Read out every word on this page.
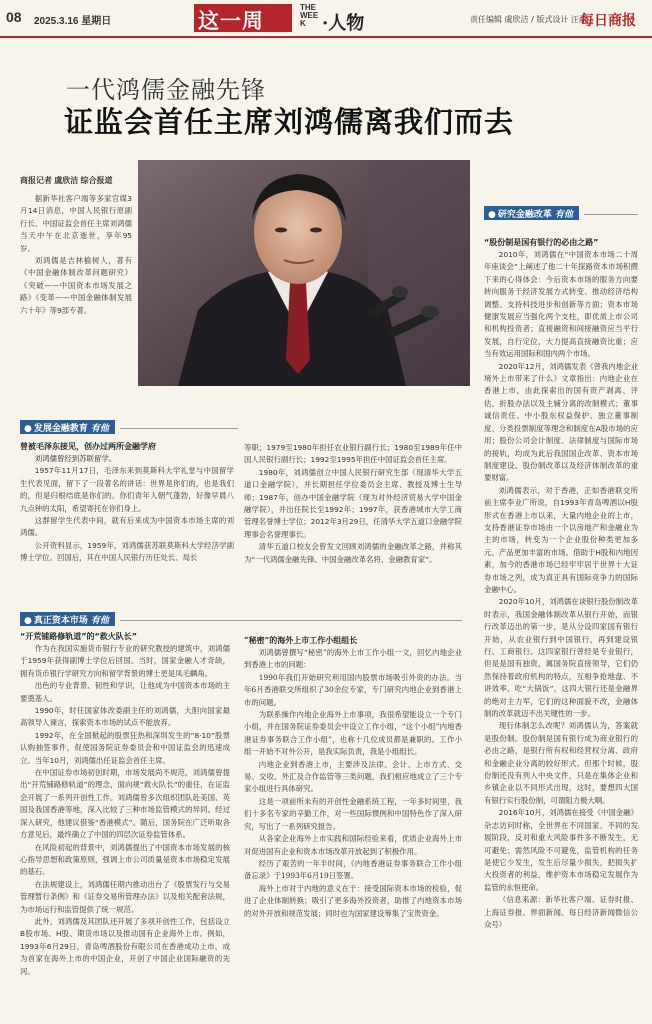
08 2025.3.16 星期日	这一周
THE WEEK ·人物	责任编辑 虞欣洁 / 版式设计 汪丽
每日商报
一代鸿儒金融先锋
证监会首任主席刘鸿儒离我们而去
商报记者 虞欣洁 综合报道

据新华社客户端等多家官媒3月14日消息，中国人民银行原副行长、中国证监会首任主席刘鸿儒当天中午在北京逝世，享年95岁。

刘鸿儒是吉林榆树人，著有《中国金融体制改革问题研究》《突破——中国资本市场发展之路》《变革——中国金融体制发展六十年》等9部专著。

● 发展金融教育 有他
曾被毛泽东接见，创办过两所金融学府
刘鸿儒曾经到苏联留学。

1957年11月17日，毛泽东来到莫斯科大学礼堂与中国留学生代表见面，留下了一段著名的讲话：世界是你们的，也是我们的，但是归根结底是你们的。你们青年人朝气蓬勃，好像早晨八九点钟的太阳，希望寄托在你们身上。

这群留学生代表中间，就有后来成为中国资本市场主席的刘鸿儒。

公开资料显示，1959年，刘鸿儒获苏联莫斯科大学经济学副博士学位。回国后，其在中国人民银行历任处长、局长

等职；1979至1980年担任农业银行副行长；1980至1989年任中国人民银行副行长；1992至1995年担任中国证监会首任主席。

1980年，刘鸿儒创立中国人民银行研究生部（现清华大学五道口金融学院），并长期担任学位委员会主席、教授及博士生导师；1987年，创办中国金融学院（现为对外经济贸易大学中国金融学院），并出任院长至1992年；1997年，获香港城市大学工商管理名誉博士学位；2012年3月29日，任清华大学五道口金融学院理事会名誉理事长。

清华五道口校友会曾发文回顾刘鸿儒的金融改革之路，并称其为“一代鸿儒金融先锋、中国金融改革名将、金融教育家”。

● 真正资本市场 有他
“开荒铺路修轨道”的“救火队长”

作为在我国实施货币银行专业的研究教授的建筑中，刘鸿儒于1959年获得副博士学位后回国。当时，国家金融人才奇缺，拥有货币银行学研究方向和留学背景的博士更是凤毛麟角。

出色的专业背景、韧性和学识，让他成为中国资本市场的主要奠基人。

1990年，时任国家体改委副主任的刘鸿儒，大胆向国家最高领导人谏言，探索资本市场的试点不能放弃。

1992年，在全国掀起的股票狂热和深圳发生的“8·10”股票认购抽签事件，促使国务院证券委员会和中国证监会的迅速成立。当年10月，刘鸿儒出任证监会首任主席。

在中国证券市场初创时期，市场发展尚不规范，刘鸿儒曾提出“开荒铺路修轨道”的理念，面向规“救火队长”的重任，在证监会开展了一系列开创性工作。刘鸿儒曾多次组织团队赴美国、英国及我国香港等地，深入比较了三种市场监管模式的异同。经过深入研究，他建议借鉴“香港模式”。随后，国务院在广泛听取各方意见后，最终确立了中国的四层次证券监管体系。

在风险初起的背景中，刘鸿儒提出了中国资本市场发展的核心指导思想和政策原则，强调上市公司质量是资本市场稳定发展的基石。

在法规建设上，刘鸿儒任期内推动出台了《股票发行与交易管理暂行条例》和《证券交易所管理办法》以及相关配套法规，为市场运行和监管提供了统一规范。

此外，刘鸿儒及其团队还开展了多项开创性工作，包括设立B股市场、H股、期货市场以及推动国有企业海外上市。例如，1993年6月29日，青岛啤酒股份有限公司在香港成功上市，成为首家在海外上市的中国企业，开创了中国企业国际融资的先河。

“秘密”的海外上市工作小组组长

刘鸿儒曾撰写“秘密”的海外上市工作小组一文，回忆内地企业到香港上市的问题：

1990年我们开始研究利用国内股票市场吸引外资的办法。当年6月香港联交所组织了30余位专家，专门研究内地企业到香港上市的问题。

为联系操作内地企业海外上市事项，我很希望能设立一个专门小组，并在国务院证券委员会中设立工作小组，“这个小组”内地香港证券事务联合工作小组”，也称十几位成员都是兼职的。工作小组一开始不对外公开，是我实际负责，我是小组组长。

内地企业到香港上市，主要涉及法律、会计、上市方式、交易、交收、外汇及合作监管等三类问题，我们相应地成立了三个专家小组进行具体研究。

这是一项前所未有的开创性金融系统工程，一年多时间里，我们十多名专家的辛勤工作，对一些国际惯例和中国特色作了深入研究，写出了一系列研究报告。

从各家企业海外上市实践和国际经验来看，优质企业海外上市对促进国有企业和资本市场改革开放起到了积极作用。

经历了艰苦的一年半时间，《内地香港证券事务联合工作小组备忘录》于1993年6月19日签署。

海外上市对于内地的意义在于：接受国际资本市场的检验，促进了企业体制转换；吸引了更多海外投资者，助推了内地资本市场的对外开放和规范发展；同时也为国家建设筹集了宝贵资金。

● 研究金融改革 有他
“股份制是国有银行的必由之路”

2010年，刘鸿儒在“中国资本市场二十周年座谈会”上阐述了他二十年探路资本市场积攒下来的心得体会：今后资本市场的服务方向要转向服务于经济发展方式转变、推动经济结构调整、支持科技进步和创新等方面；资本市场健康发展应当强化两个支柱，即优质上市公司和机构投资者；直接融资和间接融资应当平行发展，自行定位，大力提高直接融资比重；应当有效运用国际和国内两个市场。

2020年12月，刘鸿儒发表《曾我内地企业境外上市带来了什么》文章指出：内地企业在香港上市，由此探索出的国有资产剥离、评估、折股办法以及主辅分离的改制模式；董事诚信责任、中小股东权益保护、独立董事制度、分类投票制度等理念和制度在A股市场的应用；股份公司会计制度、法律制度与国际市场的接轨，均成为此后我国国企改革、资本市场制度建设、股份制改革以及经济体制改革的重要财富。

刘鸿儒表示，对于香港，正如香港联交所前主席李业广所说，自1993年青岛啤酒以H股形式在香港上市以来，大量内地企业的上市，支持香港证券市场由一个以房地产和金融业为主的市场，转变为一个企业股份种类更加多元、产品更加丰富的市场。借助于H股和内地因素，加今的香港市场已经牢牢居于世界十大证券市场之列，成为真正具有国际竞争力的国际金融中心。

2020年10月，刘鸿儒在谈银行股份制改革时表示，我国金融体制改革从银行开始，而银行改革迈出的第一步，是从分设四家国有银行开始，从农业银行到中国银行，再到建设银行、工商银行。这四家银行曾经是专业银行，但是是国有独资，属国务院直接领导，它们仍然保持着政府机构的特点，互相争抢地盘、不讲效率、吃“大锅饭”，这四大银行还是金融界的绝对主力军，它们的这种面貌不改，金融体制的改革就迈不出关键性的一步。

现行体制怎么改呢？刘鸿儒认为，答案就是股份制。股份制是国有银行成为商业银行的必由之路，是银行所有权和经营权分离、政府和金融企业分离的较好形式。但那个时候，股份制还没有列入中央文件，只是在集体企业和乡镇企业以不同形式出现，这时，要想四大国有银行实行股份制，可谓阻力极大啊。

2016年10月，刘鸿儒在接受《中国金融》杂志访问时称，全世界在不同国家、不同的发展阶段，反对和重大风险事件多不断发生，无可避免；需然风险不可避免，监管机构的任务是使它少发生，发生后尽量少损失，把损失扩大投资者的利益，维护资本市场稳定发展作为监管的永恒使命。

（信息来源：新华社客户端、证券时报、上海证券报、界面新闻、每日经济新闻微信公众号）
